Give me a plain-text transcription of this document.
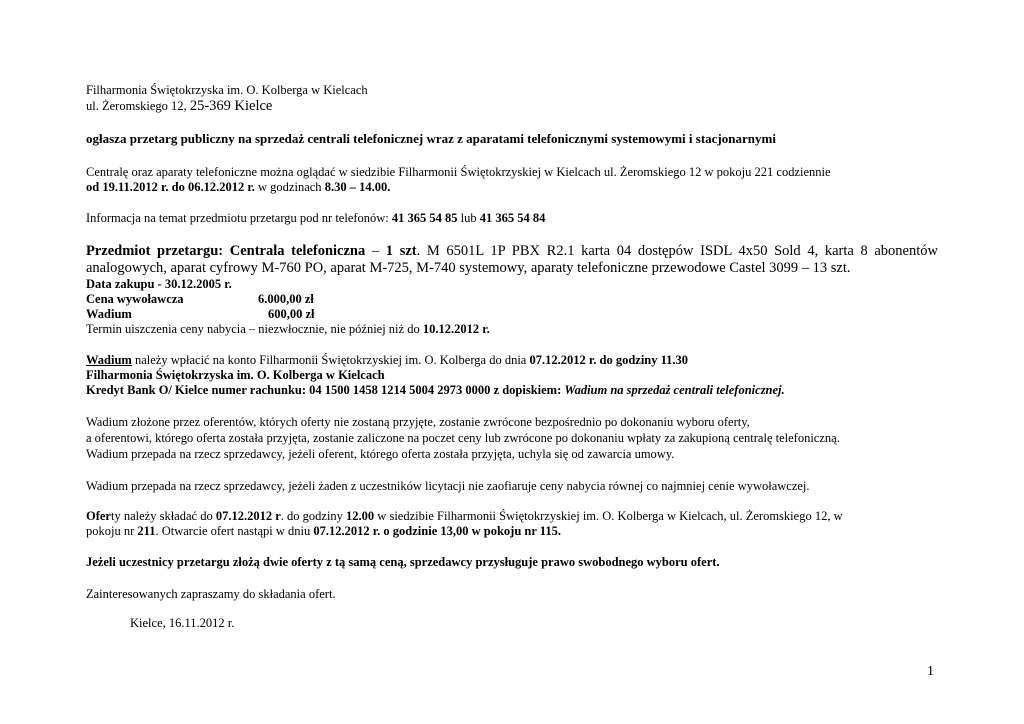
Filharmonia Świętokrzyska im. O. Kolberga w Kielcach
ul. Żeromskiego 12, 25-369 Kielce
ogłasza przetarg publiczny na sprzedaż centrali telefonicznej wraz z aparatami telefonicznymi systemowymi i stacjonarnymi
Centralę oraz aparaty telefoniczne można oglądać w siedzibie Filharmonii Świętokrzyskiej w Kielcach ul. Żeromskiego 12 w pokoju 221 codziennie
od 19.11.2012 r. do 06.12.2012 r. w godzinach 8.30 – 14.00.
Informacja na temat przedmiotu przetargu pod nr telefonów: 41 365 54 85 lub 41 365 54 84
Przedmiot przetargu: Centrala telefoniczna – 1 szt. M 6501L 1P PBX R2.1 karta 04 dostępów ISDL 4x50 Sold 4, karta 8 abonentów
analogowych, aparat cyfrowy M-760 PO, aparat M-725, M-740 systemowy, aparaty telefoniczne przewodowe Castel 3099 – 13 szt.
Data zakupu - 30.12.2005 r.
Cena wywoławcza	6.000,00 zł
Wadium	600,00 zł
Termin uiszczenia ceny nabycia – niezwłocznie, nie później niż do 10.12.2012 r.
Wadium należy wpłacić na konto Filharmonii Świętokrzyskiej im. O. Kolberga do dnia 07.12.2012 r. do godziny 11.30
Filharmonia Świętokrzyska im. O. Kolberga w Kielcach
Kredyt Bank O/ Kielce numer rachunku: 04 1500 1458 1214 5004 2973 0000 z dopiskiem: Wadium na sprzedaż centrali telefonicznej.
Wadium złożone przez oferentów, których oferty nie zostaną przyjęte, zostanie zwrócone bezpośrednio po dokonaniu wyboru oferty,
a oferentowi, którego oferta została przyjęta, zostanie zaliczone na poczet ceny lub zwrócone po dokonaniu wpłaty za zakupioną centralę telefoniczną.
Wadium przepada na rzecz sprzedawcy, jeżeli oferent, którego oferta została przyjęta, uchyla się od zawarcia umowy.
Wadium przepada na rzecz sprzedawcy, jeżeli żaden z uczestników licytacji nie zaofiaruje ceny nabycia równej co najmniej cenie wywoławczej.
Oferty należy składać do 07.12.2012 r. do godziny 12.00 w siedzibie Filharmonii Świętokrzyskiej im. O. Kolberga w Kielcach, ul. Żeromskiego 12, w
pokoju nr 211. Otwarcie ofert nastąpi w dniu 07.12.2012 r. o godzinie 13,00 w pokoju nr 115.
Jeżeli uczestnicy przetargu złożą dwie oferty z tą samą ceną, sprzedawcy przysługuje prawo swobodnego wyboru ofert.
Zainteresowanych zapraszamy do składania ofert.
Kielce, 16.11.2012 r.
1
